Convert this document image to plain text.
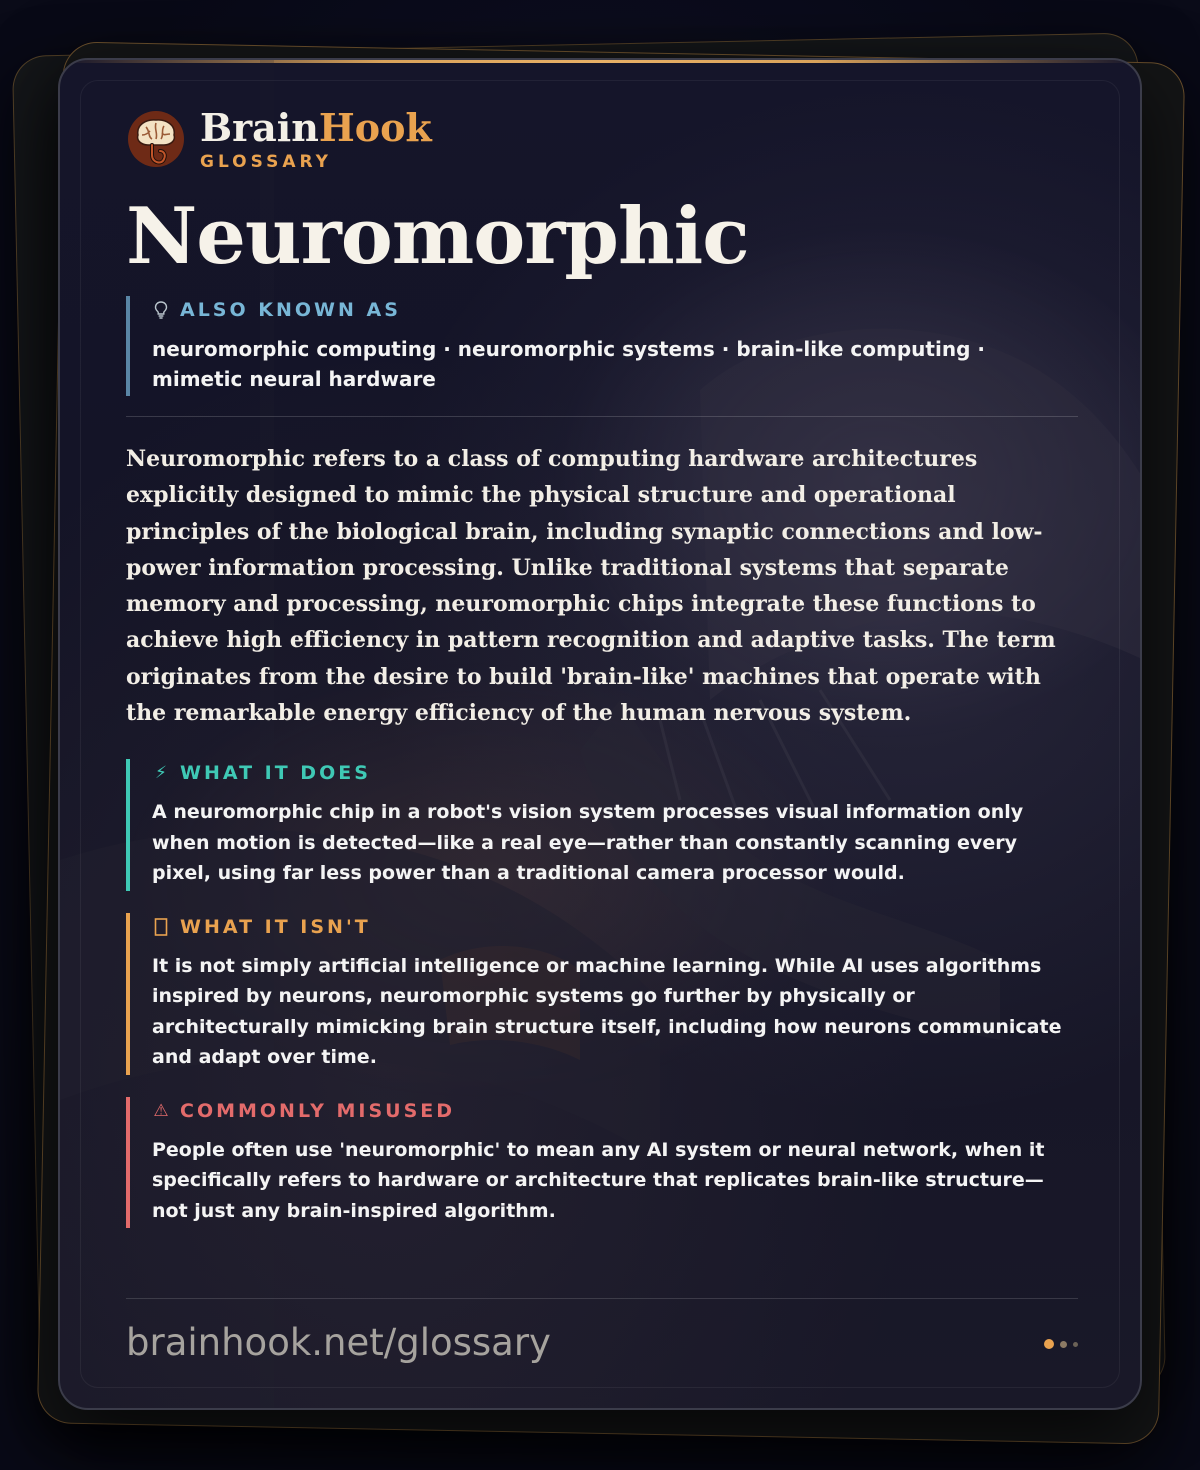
BrainHook
GLOSSARY
Neuromorphic
ALSO KNOWN AS
neuromorphic computing · neuromorphic systems · brain-like computing · mimetic neural hardware

Neuromorphic refers to a class of computing hardware architectures explicitly designed to mimic the physical structure and operational principles of the biological brain, including synaptic connections and low-power information processing. Unlike traditional systems that separate memory and processing, neuromorphic chips integrate these functions to achieve high efficiency in pattern recognition and adaptive tasks. The term originates from the desire to build 'brain-like' machines that operate with the remarkable energy efficiency of the human nervous system.

⚡ WHAT IT DOES
A neuromorphic chip in a robot's vision system processes visual information only when motion is detected—like a real eye—rather than constantly scanning every pixel, using far less power than a traditional camera processor would.
WHAT IT ISN'T
It is not simply artificial intelligence or machine learning. While AI uses algorithms inspired by neurons, neuromorphic systems go further by physically or architecturally mimicking brain structure itself, including how neurons communicate and adapt over time.
⚠ COMMONLY MISUSED
People often use 'neuromorphic' to mean any AI system or neural network, when it specifically refers to hardware or architecture that replicates brain-like structure—not just any brain-inspired algorithm.
brainhook.net/glossary
